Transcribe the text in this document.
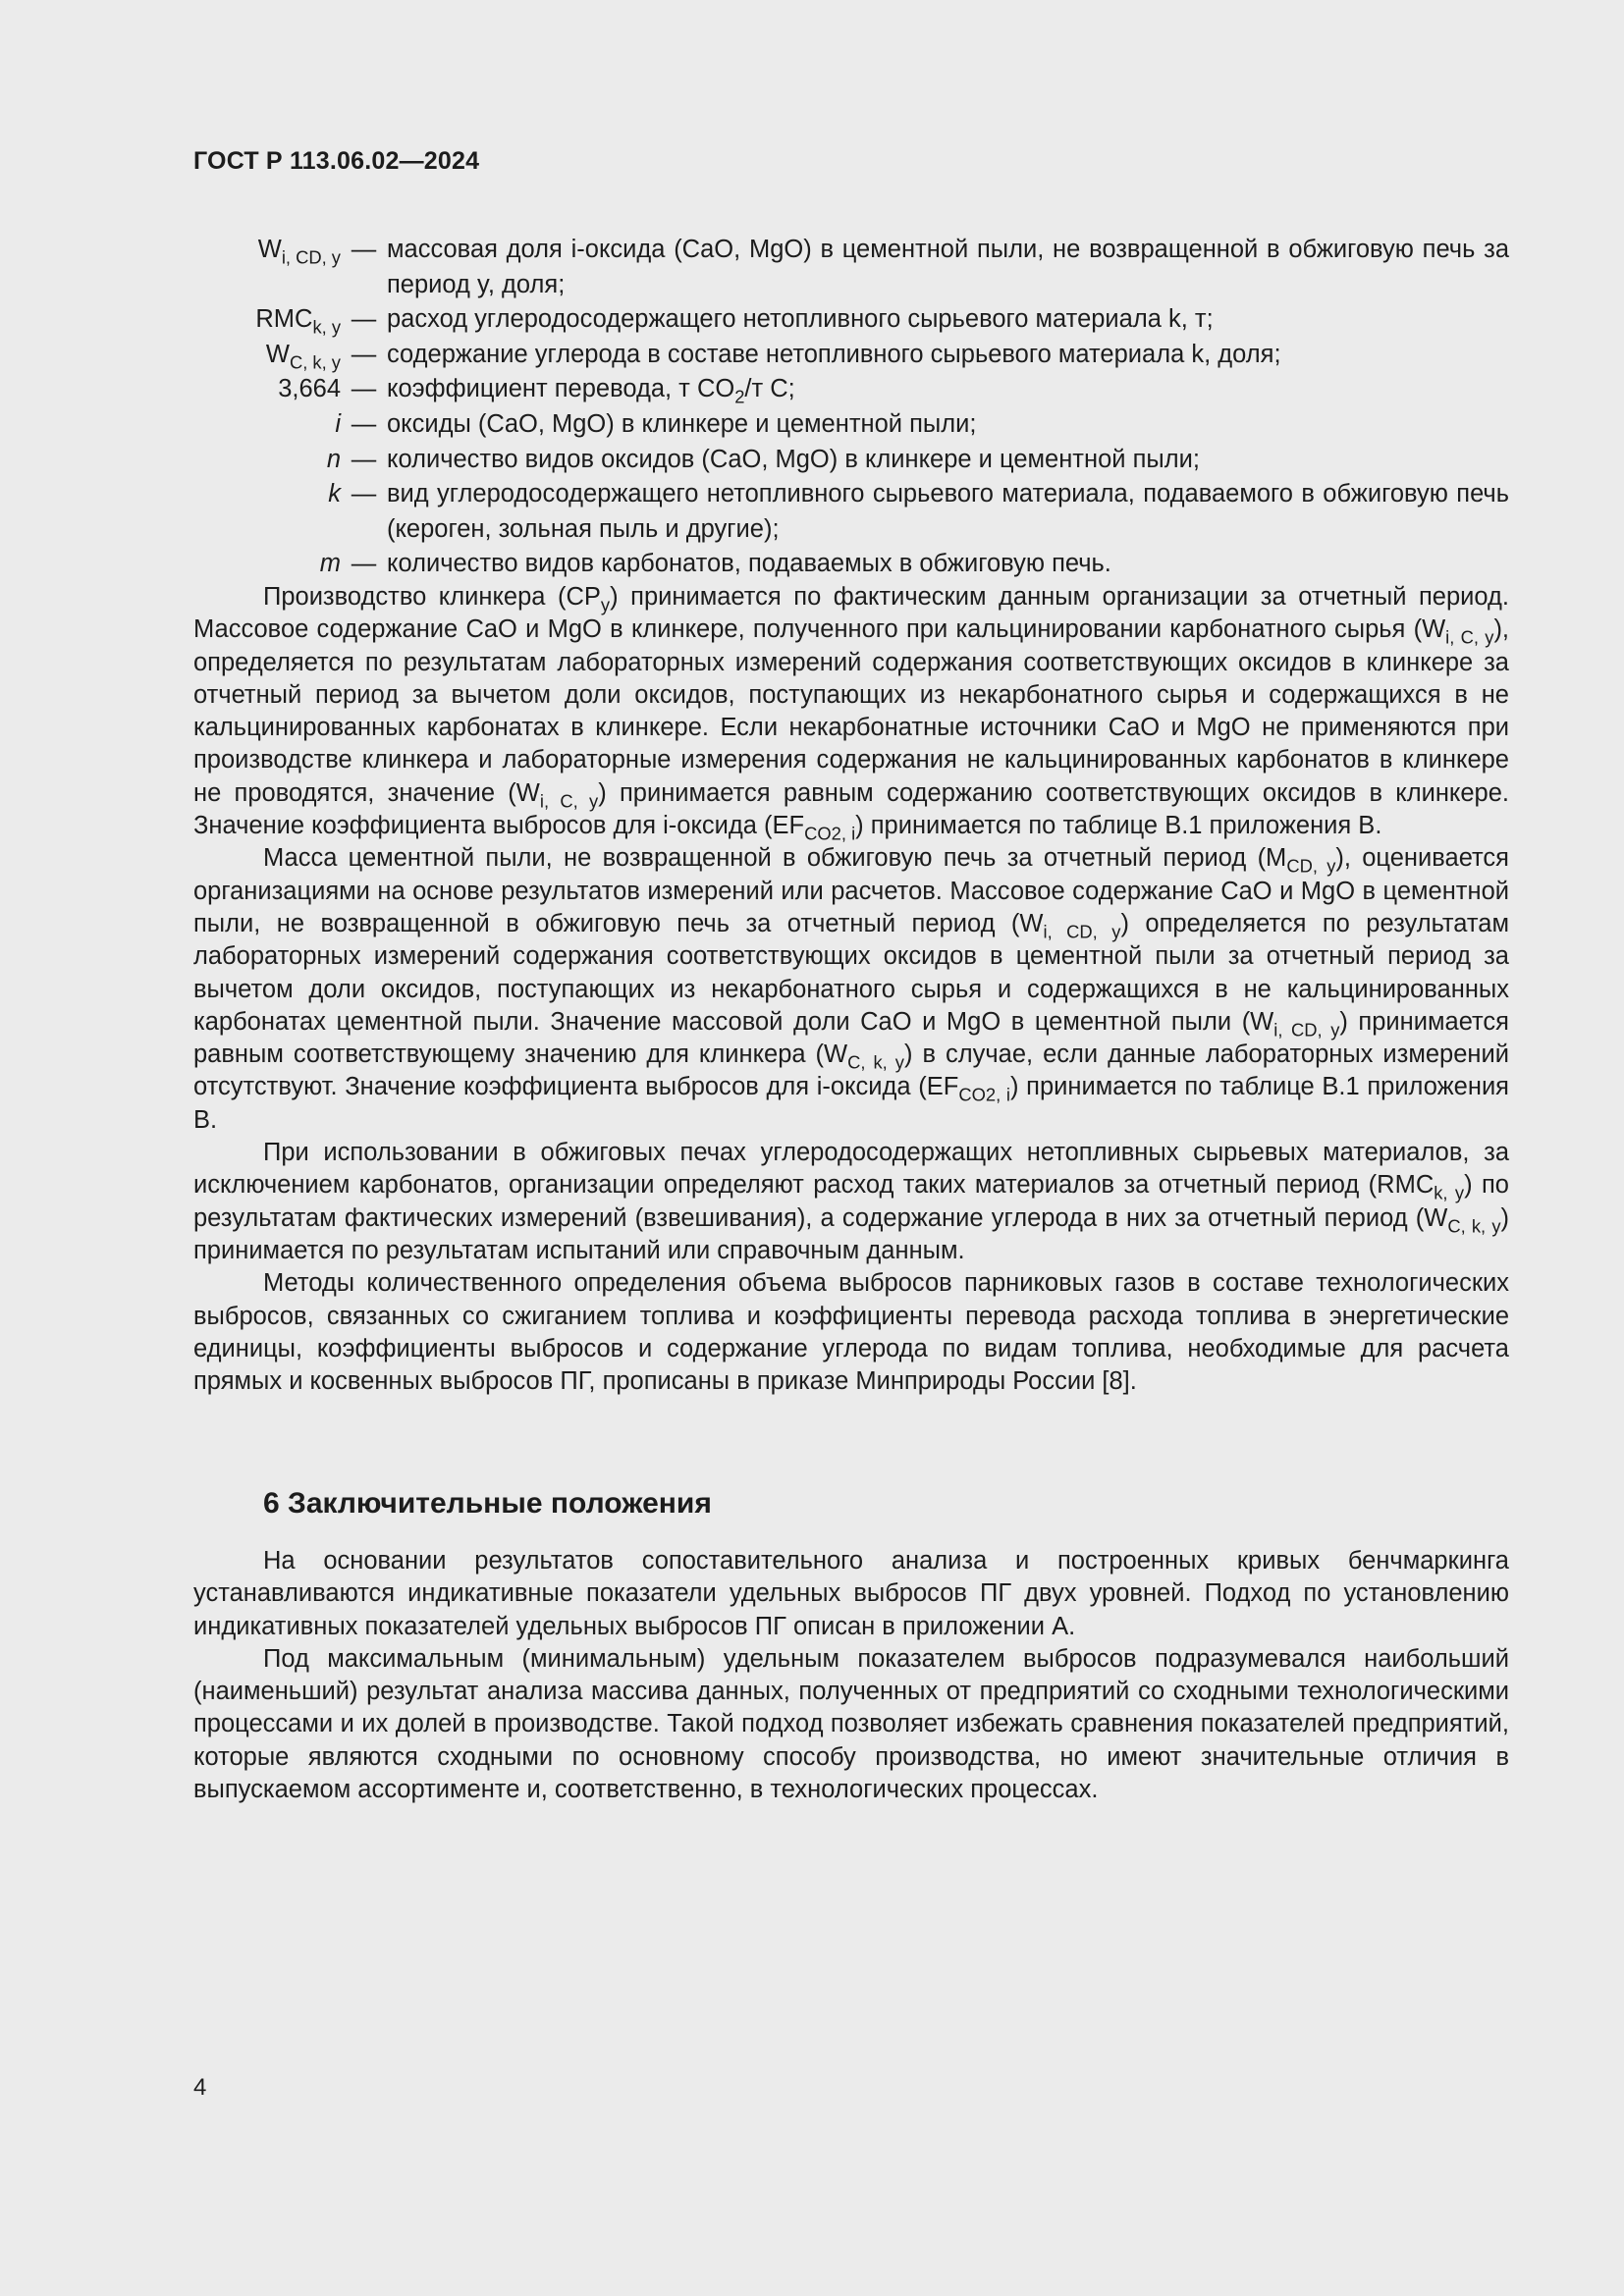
ГОСТ Р 113.06.02—2024
$W_{i, CD, y}$ — массовая доля i-оксида (CaO, MgO) в цементной пыли, не возвращенной в обжиговую печь за период y, доля;
$RMC_{k, y}$ — расход углеродосодержащего нетопливного сырьевого материала k, т;
$W_{C, k, y}$ — содержание углерода в составе нетопливного сырьевого материала k, доля;
3,664 — коэффициент перевода, т $CO_2/т$ С;
i — оксиды (CaO, MgO) в клинкере и цементной пыли;
n — количество видов оксидов (CaO, MgO) в клинкере и цементной пыли;
k — вид углеродосодержащего нетопливного сырьевого материала, подаваемого в обжиговую печь (кероген, зольная пыль и другие);
m — количество видов карбонатов, подаваемых в обжиговую печь.

Производство клинкера $(CP_y)$ принимается по фактическим данным организации за отчетный период. Массовое содержание CaO и MgO в клинкере, полученного при кальцинировании карбонатного сырья $(W_{i, C, y})$, определяется по результатам лабораторных измерений содержания соответствующих оксидов в клинкере за отчетный период за вычетом доли оксидов, поступающих из некарбонатного сырья и содержащихся в не кальцинированных карбонатах в клинкере. Если некарбонатные источники CaO и MgO не применяются при производстве клинкера и лабораторные измерения содержания не кальцинированных карбонатов в клинкере не проводятся, значение $(W_{i, C, y})$ принимается равным содержанию соответствующих оксидов в клинкере. Значение коэффициента выбросов для i-оксида $(EF_{CO2, i})$ принимается по таблице В.1 приложения В.

Масса цементной пыли, не возвращенной в обжиговую печь за отчетный период $(M_{CD, y})$, оценивается организациями на основе результатов измерений или расчетов. Массовое содержание CaO и MgO в цементной пыли, не возвращенной в обжиговую печь за отчетный период $(W_{i, CD, y})$ определяется по результатам лабораторных измерений содержания соответствующих оксидов в цементной пыли за отчетный период за вычетом доли оксидов, поступающих из некарбонатного сырья и содержащихся в не кальцинированных карбонатах цементной пыли. Значение массовой доли CaO и MgO в цементной пыли $(W_{i, CD, y})$ принимается равным соответствующему значению для клинкера $(W_{C, k, y})$ в случае, если данные лабораторных измерений отсутствуют. Значение коэффициента выбросов для i-оксида $(EF_{CO2, i})$ принимается по таблице В.1 приложения В.

При использовании в обжиговых печах углеродосодержащих нетопливных сырьевых материалов, за исключением карбонатов, организации определяют расход таких материалов за отчетный период $(RMC_{k, y})$ по результатам фактических измерений (взвешивания), а содержание углерода в них за отчетный период $(W_{C, k, y})$ принимается по результатам испытаний или справочным данным.

Методы количественного определения объема выбросов парниковых газов в составе технологических выбросов, связанных со сжиганием топлива и коэффициенты перевода расхода топлива в энергетические единицы, коэффициенты выбросов и содержание углерода по видам топлива, необходимые для расчета прямых и косвенных выбросов ПГ, прописаны в приказе Минприроды России [8].

6 Заключительные положения

На основании результатов сопоставительного анализа и построенных кривых бенчмаркинга устанавливаются индикативные показатели удельных выбросов ПГ двух уровней. Подход по установлению индикативных показателей удельных выбросов ПГ описан в приложении А.

Под максимальным (минимальным) удельным показателем выбросов подразумевался наибольший (наименьший) результат анализа массива данных, полученных от предприятий со сходными технологическими процессами и их долей в производстве. Такой подход позволяет избежать сравнения показателей предприятий, которые являются сходными по основному способу производства, но имеют значительные отличия в выпускаемом ассортименте и, соответственно, в технологических процессах.

4
